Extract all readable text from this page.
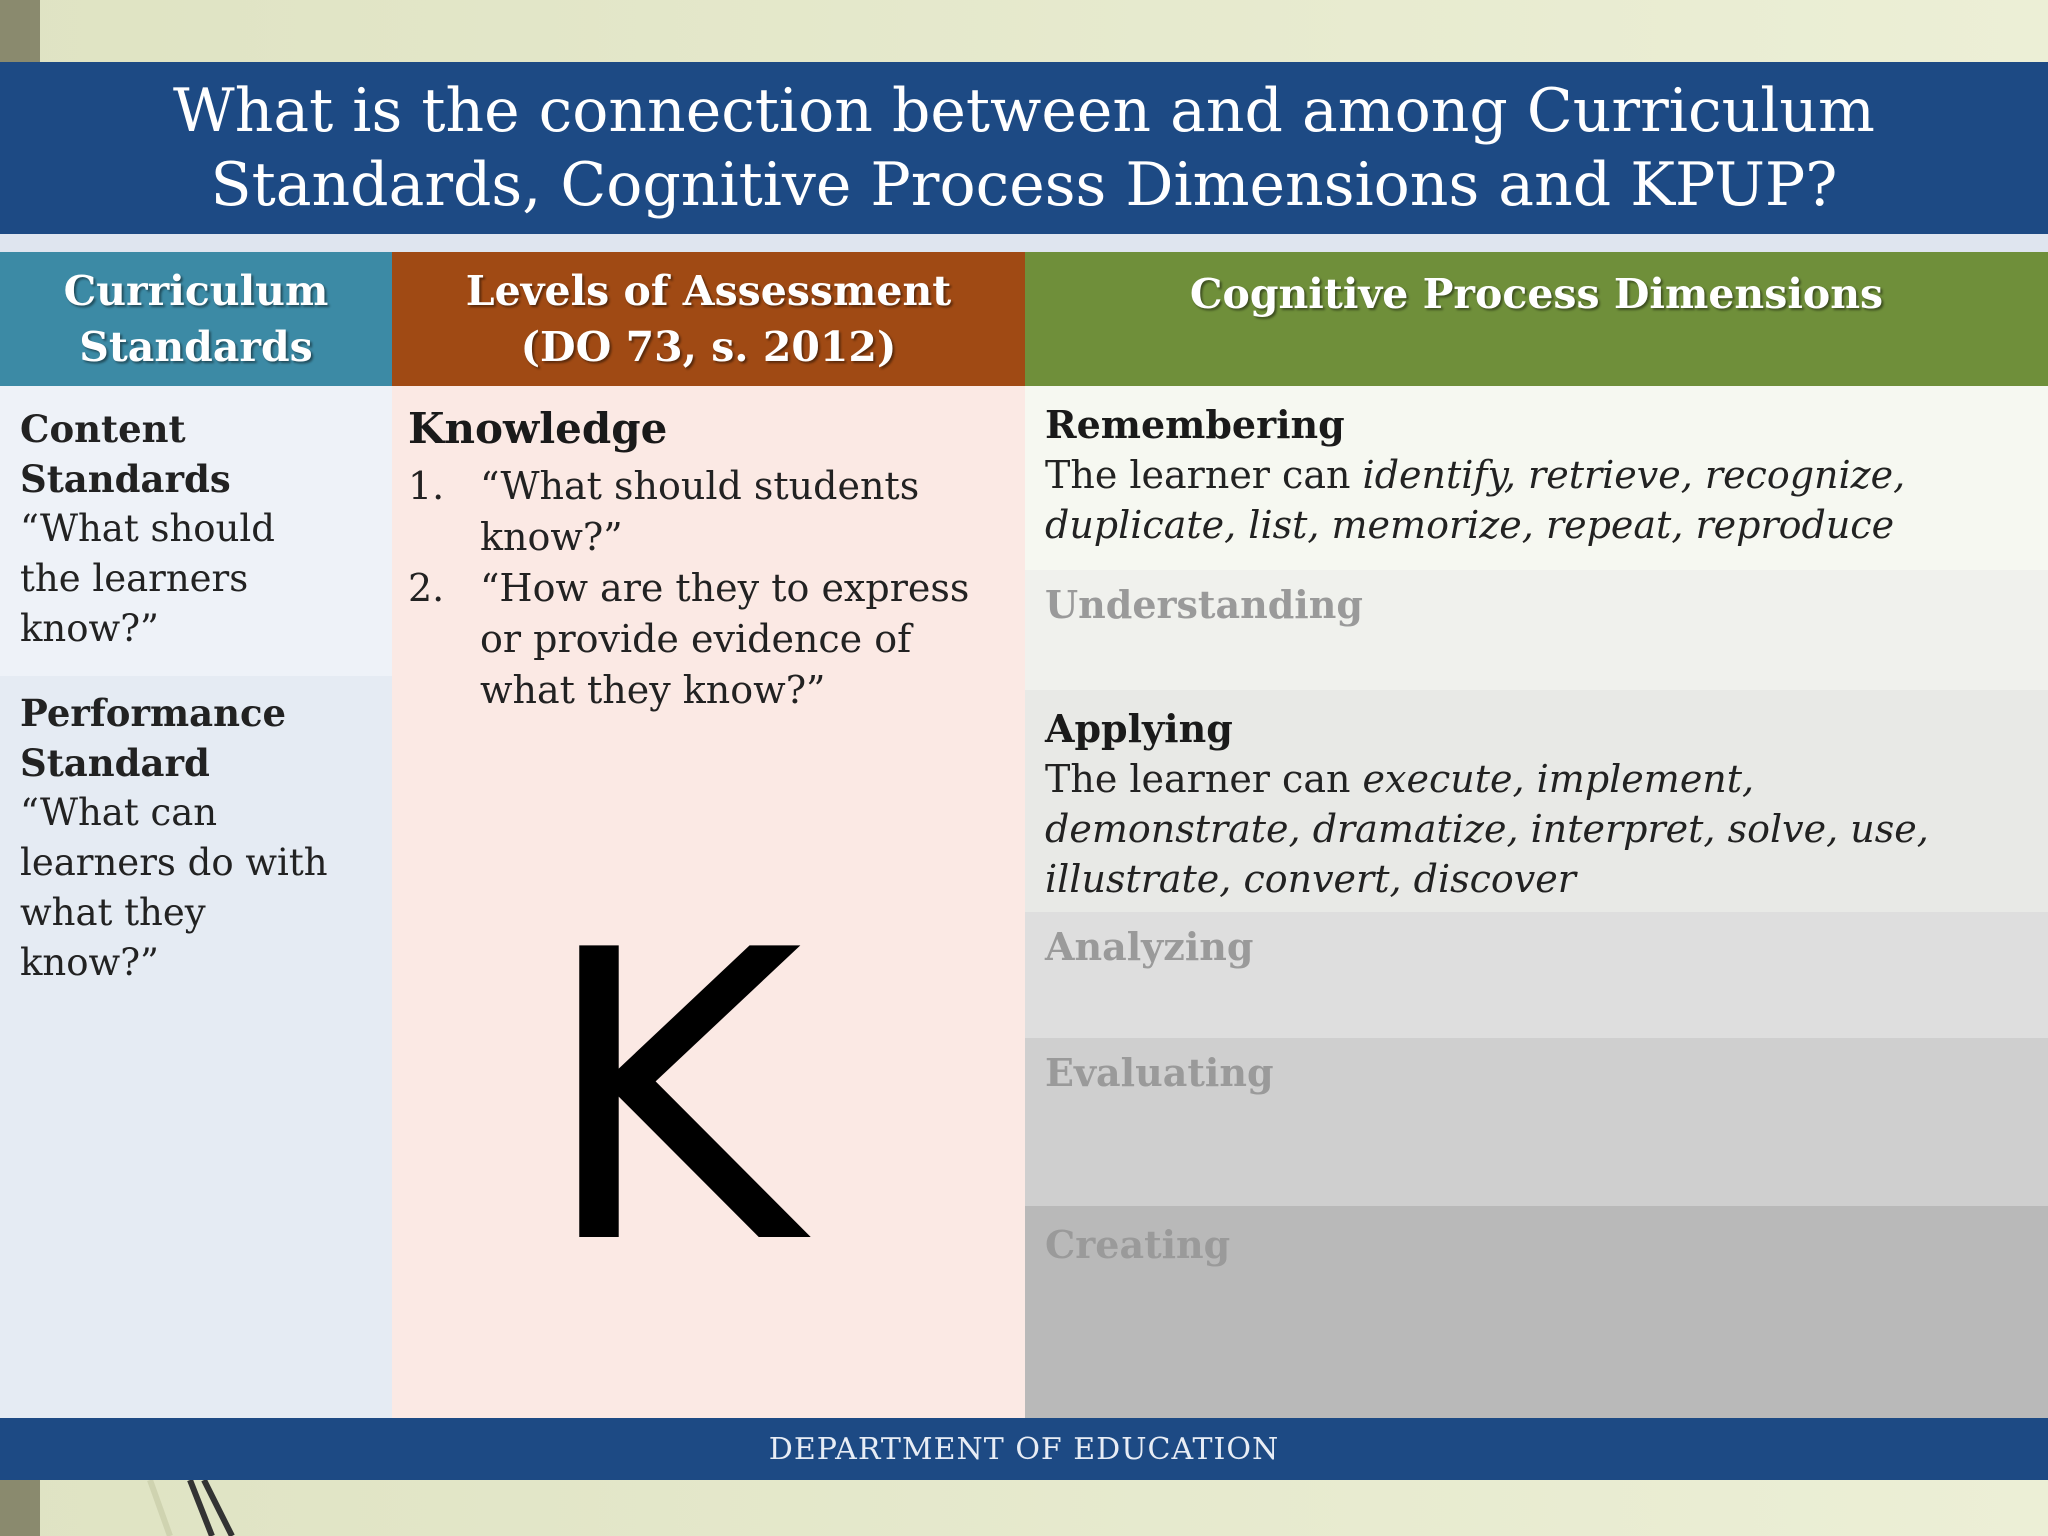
What is the connection between and among Curriculum
Standards, Cognitive Process Dimensions and KPUP?
Curriculum
Standards
Levels of Assessment
(DO 73, s. 2012)
Cognitive Process Dimensions
Content
Standards
“What should
the learners
know?”
Performance
Standard
“What can
learners do with
what they
know?”
Knowledge
1. “What should students know?”
2. “How are they to express or provide evidence of what they know?”
K
Remembering
The learner can identify, retrieve, recognize,
duplicate, list, memorize, repeat, reproduce
Understanding
Applying
The learner can execute, implement,
demonstrate, dramatize, interpret, solve, use,
illustrate, convert, discover
Analyzing
Evaluating
Creating
DEPARTMENT OF EDUCATION
